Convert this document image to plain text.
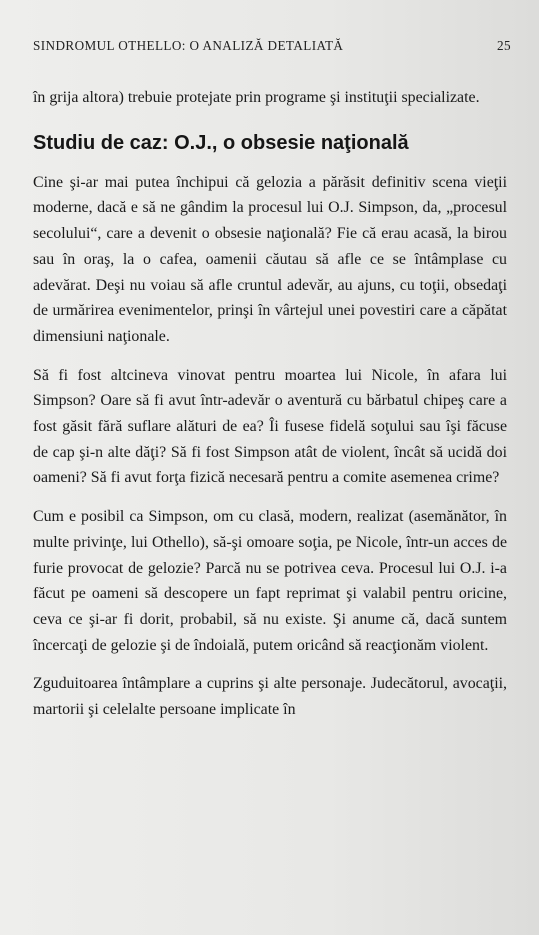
SINDROMUL OTHELLO: O ANALIZĂ DETALIATĂ	25

în grija altora) trebuie protejate prin programe şi instituţii specializate.

Studiu de caz: O.J., o obsesie naţională

Cine şi-ar mai putea închipui că gelozia a părăsit definitiv scena vieţii moderne, dacă e să ne gândim la procesul lui O.J. Simpson, da, „procesul secolului“, care a devenit o obsesie naţională? Fie că erau acasă, la birou sau în oraş, la o cafea, oamenii căutau să afle ce se întâmplase cu adevărat. Deşi nu voiau să afle cruntul adevăr, au ajuns, cu toţii, obsedaţi de urmărirea evenimentelor, prinşi în vârtejul unei povestiri care a căpătat dimensiuni naţionale.

Să fi fost altcineva vinovat pentru moartea lui Nicole, în afara lui Simpson? Oare să fi avut într-adevăr o aventură cu bărbatul chipeş care a fost găsit fără suflare alături de ea? Îi fusese fidelă soţului sau îşi făcuse de cap şi-n alte dăţi? Să fi fost Simpson atât de violent, încât să ucidă doi oameni? Să fi avut forţa fizică necesară pentru a comite asemenea crime?

Cum e posibil ca Simpson, om cu clasă, modern, realizat (asemănător, în multe privinţe, lui Othello), să-şi omoare soţia, pe Nicole, într-un acces de furie provocat de gelozie? Parcă nu se potrivea ceva. Procesul lui O.J. i-a făcut pe oameni să descopere un fapt reprimat şi valabil pentru oricine, ceva ce şi-ar fi dorit, probabil, să nu existe. Şi anume că, dacă suntem încercaţi de gelozie şi de îndoială, putem oricând să reacţionăm violent.

Zguduitoarea întâmplare a cuprins şi alte personaje. Judecătorul, avocaţii, martorii şi celelalte persoane implicate în
